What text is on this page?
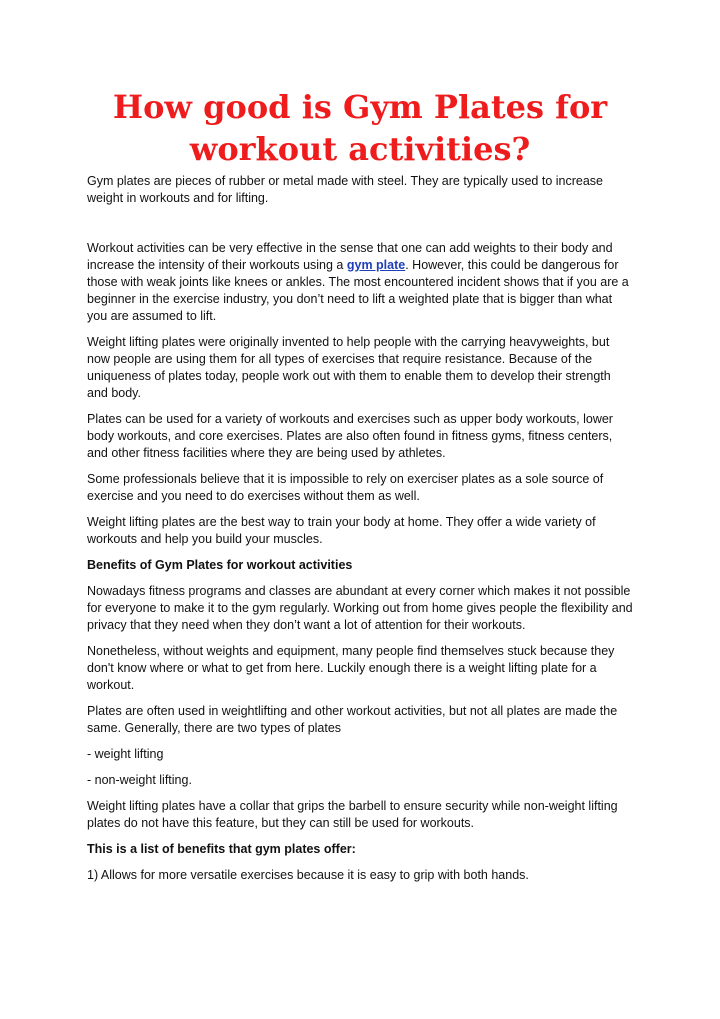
How good is Gym Plates for workout activities?

Gym plates are pieces of rubber or metal made with steel. They are typically used to increase weight in workouts and for lifting.

Workout activities can be very effective in the sense that one can add weights to their body and increase the intensity of their workouts using a gym plate. However, this could be dangerous for those with weak joints like knees or ankles. The most encountered incident shows that if you are a beginner in the exercise industry, you don’t need to lift a weighted plate that is bigger than what you are assumed to lift.

Weight lifting plates were originally invented to help people with the carrying heavyweights, but now people are using them for all types of exercises that require resistance. Because of the uniqueness of plates today, people work out with them to enable them to develop their strength and body.

Plates can be used for a variety of workouts and exercises such as upper body workouts, lower body workouts, and core exercises. Plates are also often found in fitness gyms, fitness centers, and other fitness facilities where they are being used by athletes.

Some professionals believe that it is impossible to rely on exerciser plates as a sole source of exercise and you need to do exercises without them as well.

Weight lifting plates are the best way to train your body at home. They offer a wide variety of workouts and help you build your muscles.

Benefits of Gym Plates for workout activities

Nowadays fitness programs and classes are abundant at every corner which makes it not possible for everyone to make it to the gym regularly. Working out from home gives people the flexibility and privacy that they need when they don’t want a lot of attention for their workouts.

Nonetheless, without weights and equipment, many people find themselves stuck because they don't know where or what to get from here. Luckily enough there is a weight lifting plate for a workout.

Plates are often used in weightlifting and other workout activities, but not all plates are made the same. Generally, there are two types of plates

- weight lifting

- non-weight lifting.

Weight lifting plates have a collar that grips the barbell to ensure security while non-weight lifting plates do not have this feature, but they can still be used for workouts.

This is a list of benefits that gym plates offer:

1) Allows for more versatile exercises because it is easy to grip with both hands.
